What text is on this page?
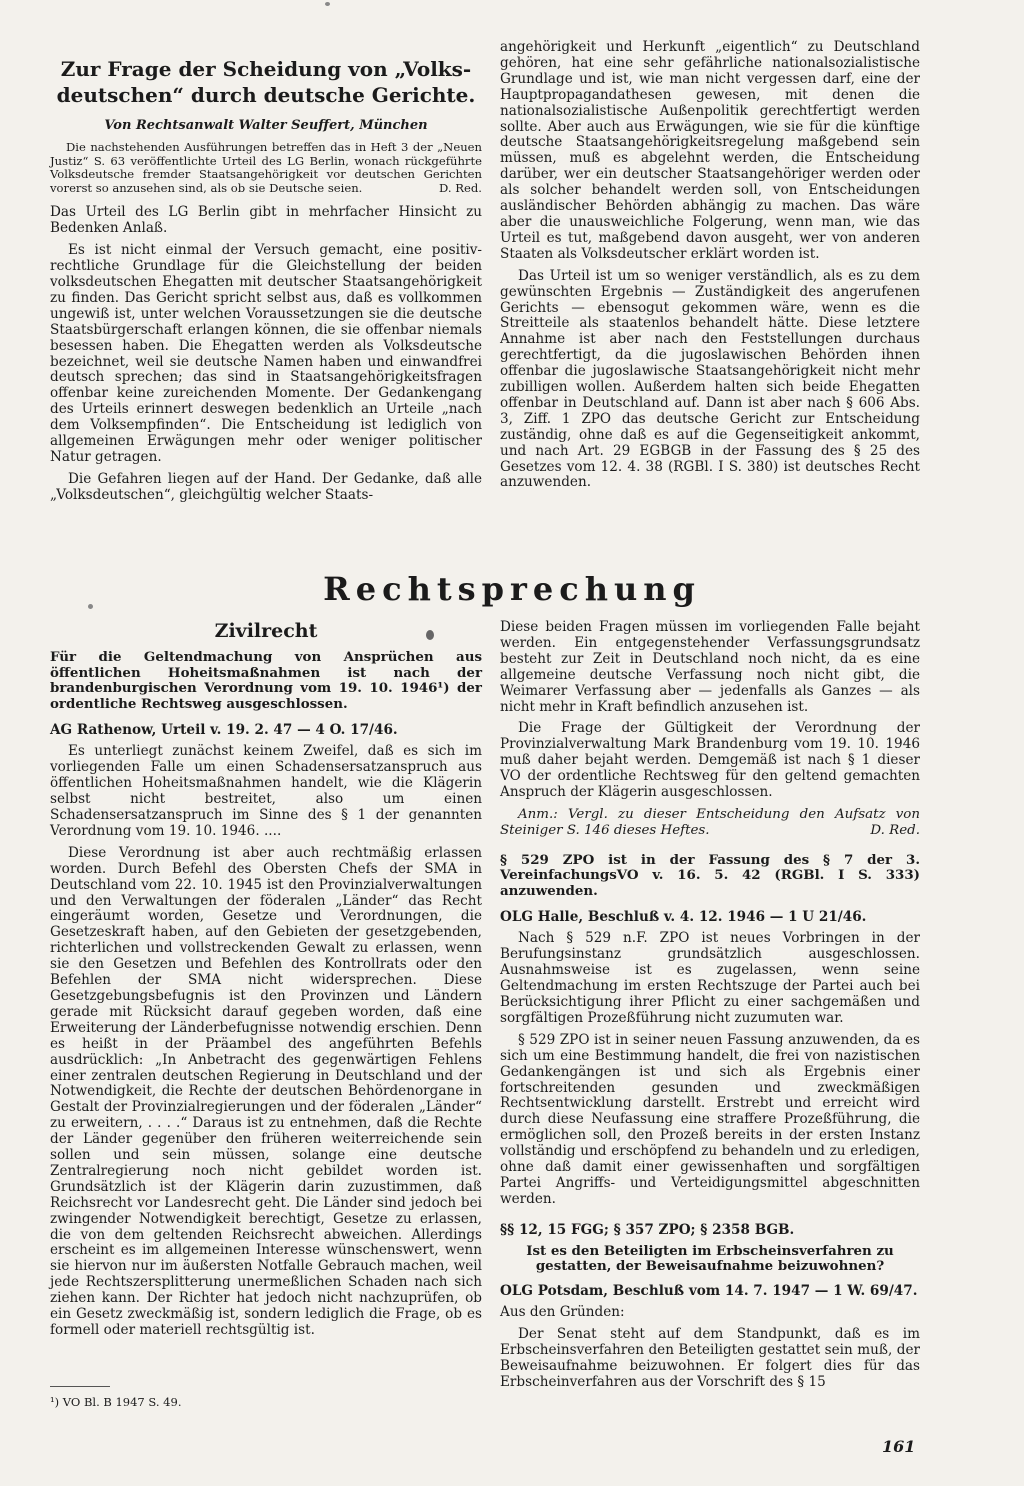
Zur Frage der Scheidung von „Volks-deutschen“ durch deutsche Gerichte.
Von Rechtsanwalt Walter Seuffert, München
Die nachstehenden Ausführungen betreffen das in Heft 3 der „Neuen Justiz“ S. 63 veröffentlichte Urteil des LG Berlin, wonach rückgeführte Volksdeutsche fremder Staatsangehörigkeit vor deutschen Gerichten vorerst so anzusehen sind, als ob sie Deutsche seien.	D. Red.

Das Urteil des LG Berlin gibt in mehrfacher Hinsicht zu Bedenken Anlaß.

Es ist nicht einmal der Versuch gemacht, eine positiv-rechtliche Grundlage für die Gleichstellung der beiden volksdeutschen Ehegatten mit deutscher Staatsangehörigkeit zu finden. Das Gericht spricht selbst aus, daß es vollkommen ungewiß ist, unter welchen Voraussetzungen sie die deutsche Staatsbürgerschaft erlangen können, die sie offenbar niemals besessen haben. Die Ehegatten werden als Volksdeutsche bezeichnet, weil sie deutsche Namen haben und einwandfrei deutsch sprechen; das sind in Staatsangehörigkeitsfragen offenbar keine zureichenden Momente. Der Gedankengang des Urteils erinnert deswegen bedenklich an Urteile „nach dem Volksempfinden“. Die Entscheidung ist lediglich von allgemeinen Erwägungen mehr oder weniger politischer Natur getragen.

Die Gefahren liegen auf der Hand. Der Gedanke, daß alle „Volksdeutschen“, gleichgültig welcher Staats-

angehörigkeit und Herkunft „eigentlich“ zu Deutschland gehören, hat eine sehr gefährliche nationalsozialistische Grundlage und ist, wie man nicht vergessen darf, eine der Hauptpropagandathesen gewesen, mit denen die nationalsozialistische Außenpolitik gerechtfertigt werden sollte. Aber auch aus Erwägungen, wie sie für die künftige deutsche Staatsangehörigkeitsregelung maßgebend sein müssen, muß es abgelehnt werden, die Entscheidung darüber, wer ein deutscher Staatsangehöriger werden oder als solcher behandelt werden soll, von Entscheidungen ausländischer Behörden abhängig zu machen. Das wäre aber die unausweichliche Folgerung, wenn man, wie das Urteil es tut, maßgebend davon ausgeht, wer von anderen Staaten als Volksdeutscher erklärt worden ist.

Das Urteil ist um so weniger verständlich, als es zu dem gewünschten Ergebnis — Zuständigkeit des angerufenen Gerichts — ebensogut gekommen wäre, wenn es die Streitteile als staatenlos behandelt hätte. Diese letztere Annahme ist aber nach den Feststellungen durchaus gerechtfertigt, da die jugoslawischen Behörden ihnen offenbar die jugoslawische Staatsangehörigkeit nicht mehr zubilligen wollen. Außerdem halten sich beide Ehegatten offenbar in Deutschland auf. Dann ist aber nach § 606 Abs. 3, Ziff. 1 ZPO das deutsche Gericht zur Entscheidung zuständig, ohne daß es auf die Gegenseitigkeit ankommt, und nach Art. 29 EGBGB in der Fassung des § 25 des Gesetzes vom 12. 4. 38 (RGBl. I S. 380) ist deutsches Recht anzuwenden.

Rechtsprechung
Zivilrecht
Für die Geltendmachung von Ansprüchen aus öffentlichen Hoheitsmaßnahmen ist nach der brandenburgischen Verordnung vom 19. 10. 1946¹) der ordentliche Rechtsweg ausgeschlossen.
AG Rathenow, Urteil v. 19. 2. 47 — 4 O. 17/46.

Es unterliegt zunächst keinem Zweifel, daß es sich im vorliegenden Falle um einen Schadensersatzanspruch aus öffentlichen Hoheitsmaßnahmen handelt, wie die Klägerin selbst nicht bestreitet, also um einen Schadensersatzanspruch im Sinne des § 1 der genannten Verordnung vom 19. 10. 1946. ....

Diese Verordnung ist aber auch rechtmäßig erlassen worden. Durch Befehl des Obersten Chefs der SMA in Deutschland vom 22. 10. 1945 ist den Provinzialverwaltungen und den Verwaltungen der föderalen „Länder“ das Recht eingeräumt worden, Gesetze und Verordnungen, die Gesetzeskraft haben, auf den Gebieten der gesetzgebenden, richterlichen und vollstreckenden Gewalt zu erlassen, wenn sie den Gesetzen und Befehlen des Kontrollrats oder den Befehlen der SMA nicht widersprechen. Diese Gesetzgebungsbefugnis ist den Provinzen und Ländern gerade mit Rücksicht darauf gegeben worden, daß eine Erweiterung der Länderbefugnisse notwendig erschien. Denn es heißt in der Präambel des angeführten Befehls ausdrücklich: „In Anbetracht des gegenwärtigen Fehlens einer zentralen deutschen Regierung in Deutschland und der Notwendigkeit, die Rechte der deutschen Behördenorgane in Gestalt der Provinzialregierungen und der föderalen „Länder“ zu erweitern, . . . .“ Daraus ist zu entnehmen, daß die Rechte der Länder gegenüber den früheren weiterreichende sein sollen und sein müssen, solange eine deutsche Zentralregierung noch nicht gebildet worden ist. Grundsätzlich ist der Klägerin darin zuzustimmen, daß Reichsrecht vor Landesrecht geht. Die Länder sind jedoch bei zwingender Notwendigkeit berechtigt, Gesetze zu erlassen, die von dem geltenden Reichsrecht abweichen. Allerdings erscheint es im allgemeinen Interesse wünschenswert, wenn sie hiervon nur im äußersten Notfalle Gebrauch machen, weil jede Rechtszersplitterung unermeßlichen Schaden nach sich ziehen kann. Der Richter hat jedoch nicht nachzuprüfen, ob ein Gesetz zweckmäßig ist, sondern lediglich die Frage, ob es formell oder materiell rechtsgültig ist.

Diese beiden Fragen müssen im vorliegenden Falle bejaht werden. Ein entgegenstehender Verfassungsgrundsatz besteht zur Zeit in Deutschland noch nicht, da es eine allgemeine deutsche Verfassung noch nicht gibt, die Weimarer Verfassung aber — jedenfalls als Ganzes — als nicht mehr in Kraft befindlich anzusehen ist.

Die Frage der Gültigkeit der Verordnung der Provinzialverwaltung Mark Brandenburg vom 19. 10. 1946 muß daher bejaht werden. Demgemäß ist nach § 1 dieser VO der ordentliche Rechtsweg für den geltend gemachten Anspruch der Klägerin ausgeschlossen.

Anm.: Vergl. zu dieser Entscheidung den Aufsatz von Steiniger S. 146 dieses Heftes.	D. Red.
§ 529 ZPO ist in der Fassung des § 7 der 3. VereinfachungsVO v. 16. 5. 42 (RGBl. I S. 333) anzuwenden.
OLG Halle, Beschluß v. 4. 12. 1946 — 1 U 21/46.

Nach § 529 n.F. ZPO ist neues Vorbringen in der Berufungsinstanz grundsätzlich ausgeschlossen. Ausnahmsweise ist es zugelassen, wenn seine Geltendmachung im ersten Rechtszuge der Partei auch bei Berücksichtigung ihrer Pflicht zu einer sachgemäßen und sorgfältigen Prozeßführung nicht zuzumuten war.

§ 529 ZPO ist in seiner neuen Fassung anzuwenden, da es sich um eine Bestimmung handelt, die frei von nazistischen Gedankengängen ist und sich als Ergebnis einer fortschreitenden gesunden und zweckmäßigen Rechtsentwicklung darstellt. Erstrebt und erreicht wird durch diese Neufassung eine straffere Prozeßführung, die ermöglichen soll, den Prozeß bereits in der ersten Instanz vollständig und erschöpfend zu behandeln und zu erledigen, ohne daß damit einer gewissenhaften und sorgfältigen Partei Angriffs- und Verteidigungsmittel abgeschnitten werden.

§§ 12, 15 FGG; § 357 ZPO; § 2358 BGB.
Ist es den Beteiligten im Erbscheinsverfahren zu gestatten, der Beweisaufnahme beizuwohnen?
OLG Potsdam, Beschluß vom 14. 7. 1947 — 1 W. 69/47.

Aus den Gründen:

Der Senat steht auf dem Standpunkt, daß es im Erbscheinsverfahren den Beteiligten gestattet sein muß, der Beweisaufnahme beizuwohnen. Er folgert dies für das Erbscheinverfahren aus der Vorschrift des § 15

¹) VO Bl. B 1947 S. 49.
161
